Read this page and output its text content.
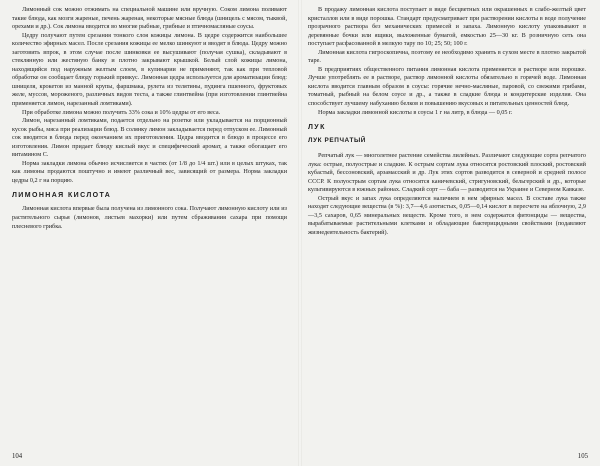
Лимонный сок можно отжимать на специальной машине или вручную. Соком лимона поливают такие блюда, как мозги жареные, печень жареная, некоторые мясные блюда (шницель с мясом, тыквой, орехами и др.). Сок лимона вводится во многие рыбные, грибные и птичномасляные соусы.

Цедру получают путем срезания тонкого слоя кожицы лимона. В цедре содержится наибольшее количество эфирных масел. После срезания кожицы ее мелко шинкуют и вводят в блюда. Цедру можно заготовить впрок, в этом случае после шинковки ее высушивают (получая сушка), складывают в стеклянную или жестяную банку и плотно закрывают крышкой. Белый слой кожицы лимона, находящийся под наружным желтым слоем, в кулинарии не применяют, так как при тепловой обработке он сообщает блюду горький привкус. Лимонная цедра используется для ароматизации блюд: шницеля, крокетов из манной крупы, фаршмака, рулета из телятины, пудинга пшенного, фруктовых желе, муссов, мороженого, различных видов теста, а также глинтвейна (при изготовлении глинтвейна применяется лимон, нарезанный ломтиками).

При обработке лимона можно получить 33% сока и 10% цедры от его веса.

Лимон, нарезанный ломтиками, подается отдельно на розетке или укладывается на порционный кусок рыбы, мяса при реализации блюд. В солянку лимон закладывается перед отпуском ее. Лимонный сок вводится в блюда перед окончанием их приготовления. Цедра вводится в блюдо в процессе его изготовления. Лимон придает блюду кислый вкус и специфический аромат, а также обогащает его витамином С.

Норма закладки лимона обычно исчисляется в частях (от 1/8 до 1/4 шт.) или в целых штуках, так как лимоны продаются поштучно и имеют различный вес, зависящий от размера. Норма закладки цедры 0,2 г на порцию.

ЛИМОННАЯ КИСЛОТА

Лимонная кислота впервые была получена из лимонного сока. Получают лимонную кислоту или из растительного сырья (лимонов, листьев махорки) или путем сбраживания сахара при помощи плесневого грибка.

104

В продажу лимонная кислота поступает в виде бесцветных или окрашенных в слабо-желтый цвет кристаллов или в виде порошка. Стандарт предусматривает при растворении кислоты в воде получение прозрачного раствора без механических примесей и запаха. Лимонную кислоту упаковывают в деревянные бочки или ящики, выложенные бумагой, емкостью 25—30 кг. В розничную сеть она поступает расфасованной в мелкую тару по 10; 25; 50; 100 г.

Лимонная кислота гигроскопична, поэтому ее необходимо хранить в сухом месте в плотно закрытой таре.

В предприятиях общественного питания лимонная кислота применяется в растворе или порошке. Лучше употреблять ее в растворе, раствор лимонной кислоты обязательно в горячей воде. Лимонная кислота вводится главным образом в соусы: горячие нечно-масляные, паровой, со свежими грибами, томатный, рыбный на белом соусе и др., а также в сладкие блюда и кондитерские изделия. Она способствует лучшему набуханию белков и повышению вкусовых и питательных ценностей блюд.

Норма закладки лимонной кислоты в соусы 1 г на литр, в блюда — 0,05 г.

ЛУК
ЛУК РЕПЧАТЫЙ

Репчатый лук — многолетнее растение семейства лилейных. Различают следующие сорта репчатого лука: острые, полуострые и сладкие. К острым сортам лука относятся ростовский плоский, ростовский кубастый, бессоновский, арзамасский и др. Лук этих сортов разводится в северной и средней полосе СССР. К полуострым сортам лука относятся каничевский, стригуновский, бельгерский и др., которые культивируются в южных районах. Сладкий сорт — баба — разводится на Украине и Северном Кавказе.

Острый вкус и запах лука определяются наличием в нем эфирных масел. В составе лука также находят следующие вещества (в %): 3,7—4,6 азотистых, 0,05—0,14 кислот в пересчете на яблочную, 2,9—3,5 сахаров, 0,65 минеральных веществ. Кроме того, в нем содержатся фитонциды — вещества, вырабатываемые растительными клетками и обладающие бактерицидными свойствами (подавляют жизнедеятельность бактерий).

105
